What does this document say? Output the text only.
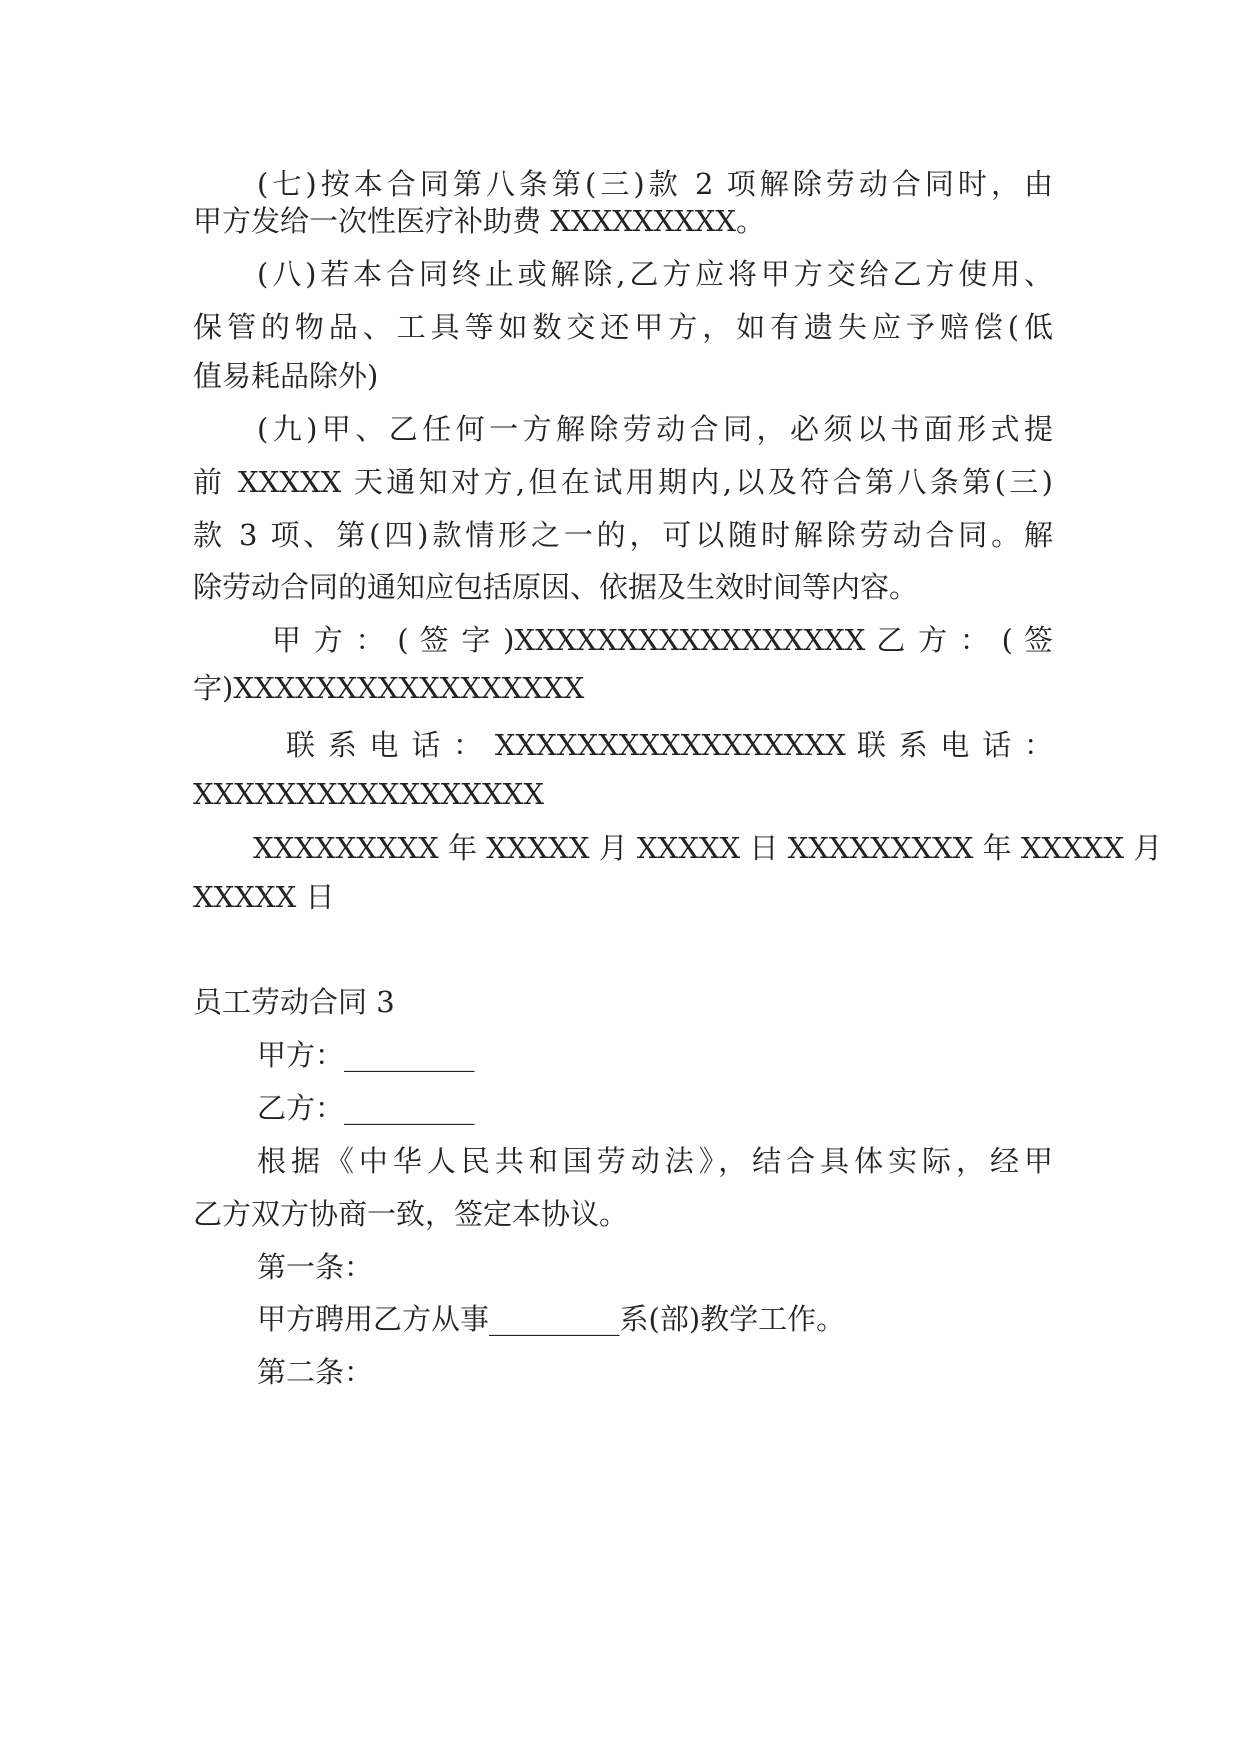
(七)按本合同第八条第(三)款 2 项解除劳动合同时，由
甲方发给一次性医疗补助费 XXXXXXXXX。
(八)若本合同终止或解除,乙方应将甲方交给乙方使用、
保管的物品、工具等如数交还甲方，如有遗失应予赔偿(低
值易耗品除外)
(九)甲、乙任何一方解除劳动合同，必须以书面形式提
前 XXXXX 天通知对方,但在试用期内,以及符合第八条第(三)
款 3 项、第(四)款情形之一的，可以随时解除劳动合同。解
除劳动合同的通知应包括原因、依据及生效时间等内容。
甲 方 ： ( 签 字 )XXXXXXXXXXXXXXXXX 乙 方 ： ( 签
字)XXXXXXXXXXXXXXXXX
联 系 电 话 ： XXXXXXXXXXXXXXXXX 联 系 电 话 ：
XXXXXXXXXXXXXXXXX
XXXXXXXXX 年 XXXXX 月 XXXXX 日 XXXXXXXXX 年 XXXXX 月
XXXXX 日
员工劳动合同 3
甲方：_________
乙方：_________
根据《中华人民共和国劳动法》，结合具体实际，经甲
乙方双方协商一致，签定本协议。
第一条：
甲方聘用乙方从事_________系(部)教学工作。
第二条：
